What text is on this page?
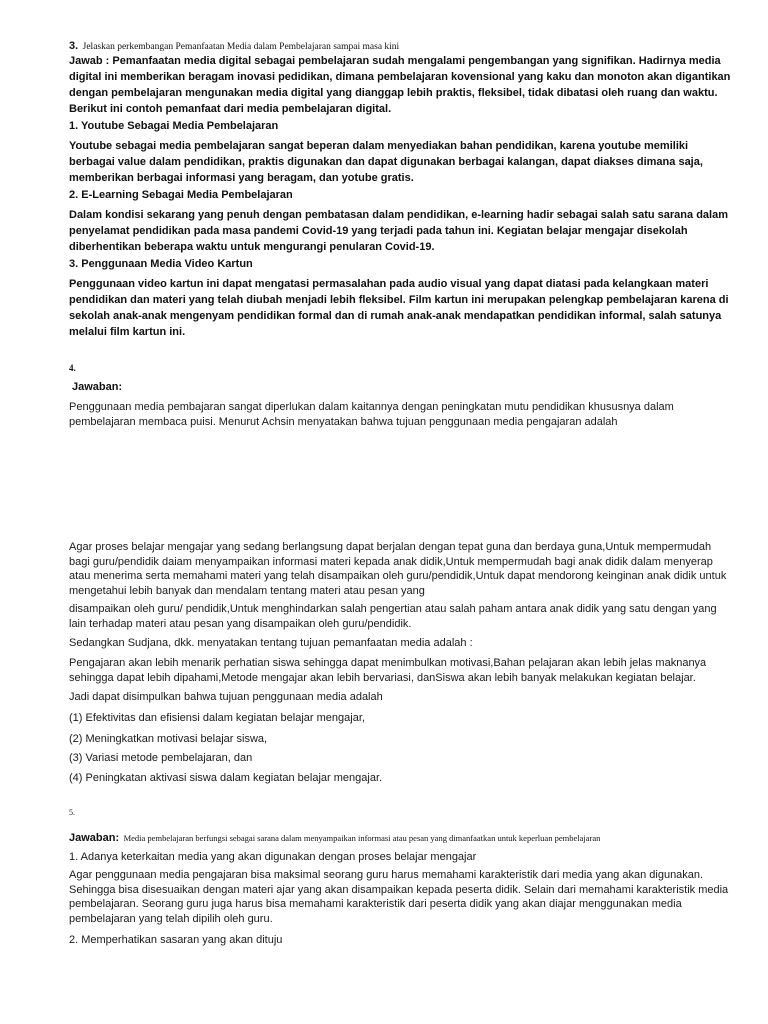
3. Jelaskan perkembangan Pemanfaatan Media dalam Pembelajaran sampai masa kini

Jawab : Pemanfaatan media digital sebagai pembelajaran sudah mengalami pengembangan yang signifikan. Hadirnya media digital ini memberikan beragam inovasi pedidikan, dimana pembelajaran kovensional yang kaku dan monoton akan digantikan dengan pembelajaran mengunakan media digital yang dianggap lebih praktis, fleksibel, tidak dibatasi oleh ruang dan waktu. Berikut ini contoh pemanfaat dari media pembelajaran digital.

1. Youtube Sebagai Media Pembelajaran

Youtube sebagai media pembelajaran sangat beperan dalam menyediakan bahan pendidikan, karena youtube memiliki berbagai value dalam pendidikan, praktis digunakan dan dapat digunakan berbagai kalangan, dapat diakses dimana saja, memberikan berbagai informasi yang beragam, dan yotube gratis.

2. E-Learning Sebagai Media Pembelajaran

Dalam kondisi sekarang yang penuh dengan pembatasan dalam pendidikan, e-learning hadir sebagai salah satu sarana dalam penyelamat pendidikan pada masa pandemi Covid-19 yang terjadi pada tahun ini. Kegiatan belajar mengajar disekolah diberhentikan beberapa waktu untuk mengurangi penularan Covid-19.

3. Penggunaan Media Video Kartun

Penggunaan video kartun ini dapat mengatasi permasalahan pada audio visual yang dapat diatasi pada kelangkaan materi pendidikan dan materi yang telah diubah menjadi lebih fleksibel. Film kartun ini merupakan pelengkap pembelajaran karena di sekolah anak-anak mengenyam pendidikan formal dan di rumah anak-anak mendapatkan pendidikan informal, salah satunya melalui film kartun ini.

4.

Jawaban:

Penggunaan media pembajaran sangat diperlukan dalam kaitannya dengan peningkatan mutu pendidikan khususnya dalam pembelajaran membaca puisi. Menurut Achsin menyatakan bahwa tujuan penggunaan media pengajaran adalah

Agar proses belajar mengajar yang sedang berlangsung dapat berjalan dengan tepat guna dan berdaya guna,Untuk mempermudah bagi guru/pendidik daiam menyampaikan informasi materi kepada anak didik,Untuk mempermudah bagi anak didik dalam menyerap atau menerima serta memahami materi yang telah disampaikan oleh guru/pendidik,Untuk dapat mendorong keinginan anak didik untuk mengetahui lebih banyak dan mendalam tentang materi atau pesan yang

disampaikan oleh guru/ pendidik,Untuk menghindarkan salah pengertian atau salah paham antara anak didik yang satu dengan yang lain terhadap materi atau pesan yang disampaikan oleh guru/pendidik.

Sedangkan Sudjana, dkk. menyatakan tentang tujuan pemanfaatan media adalah :

Pengajaran akan lebih menarik perhatian siswa sehingga dapat menimbulkan motivasi,Bahan pelajaran akan lebih jelas maknanya sehingga dapat lebih dipahami,Metode mengajar akan lebih bervariasi, danSiswa akan lebih banyak melakukan kegiatan belajar.

Jadi dapat disimpulkan bahwa tujuan penggunaan media adalah

(1) Efektivitas dan efisiensi dalam kegiatan belajar mengajar,

(2) Meningkatkan motivasi belajar siswa,

(3) Variasi metode pembelajaran, dan

(4) Peningkatan aktivasi siswa dalam kegiatan belajar mengajar.

5.

Jawaban: Media pembelajaran berfungsi sebagai sarana dalam menyampaikan informasi atau pesan yang dimanfaatkan untuk keperluan pembelajaran

1. Adanya keterkaitan media yang akan digunakan dengan proses belajar mengajar

Agar penggunaan media pengajaran bisa maksimal seorang guru harus memahami karakteristik dari media yang akan digunakan. Sehingga bisa disesuaikan dengan materi ajar yang akan disampaikan kepada peserta didik. Selain dari memahami karakteristik media pembelajaran. Seorang guru juga harus bisa memahami karakteristik dari peserta didik yang akan diajar menggunakan media pembelajaran yang telah dipilih oleh guru.

2. Memperhatikan sasaran yang akan dituju
